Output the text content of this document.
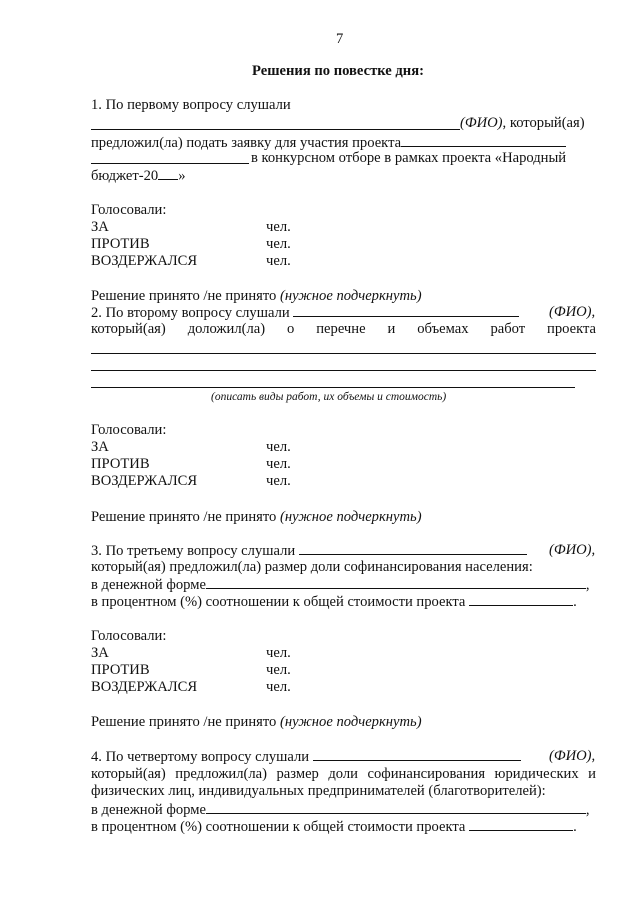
7
Решения по повестке дня:
1. По первому вопросу слушали
(ФИО), который(ая)
предложил(ла) подать заявку для участия проекта
в конкурсном отборе в рамках проекта «Народный
бюджет-20 »
Голосовали:
ЗА	чел.
ПРОТИВ	чел.
ВОЗДЕРЖАЛСЯ	чел.
Решение принято /не принято (нужное подчеркнуть)
2. По второму вопросу слушали	(ФИО),
который(ая) доложил(ла) о перечне и объемах работ проекта
(описать виды работ, их объемы и стоимость)
Голосовали:
ЗА	чел.
ПРОТИВ	чел.
ВОЗДЕРЖАЛСЯ	чел.
Решение принято /не принято (нужное подчеркнуть)
3. По третьему вопросу слушали	(ФИО),
который(ая) предложил(ла) размер доли софинансирования населения:
в денежной форме	,
в процентном (%) соотношении к общей стоимости проекта	.
Голосовали:
ЗА	чел.
ПРОТИВ	чел.
ВОЗДЕРЖАЛСЯ	чел.
Решение принято /не принято (нужное подчеркнуть)
4. По четвертому вопросу слушали	(ФИО),
который(ая) предложил(ла) размер доли софинансирования юридических и
физических лиц, индивидуальных предпринимателей (благотворителей):
в денежной форме	,
в процентном (%) соотношении к общей стоимости проекта	.
